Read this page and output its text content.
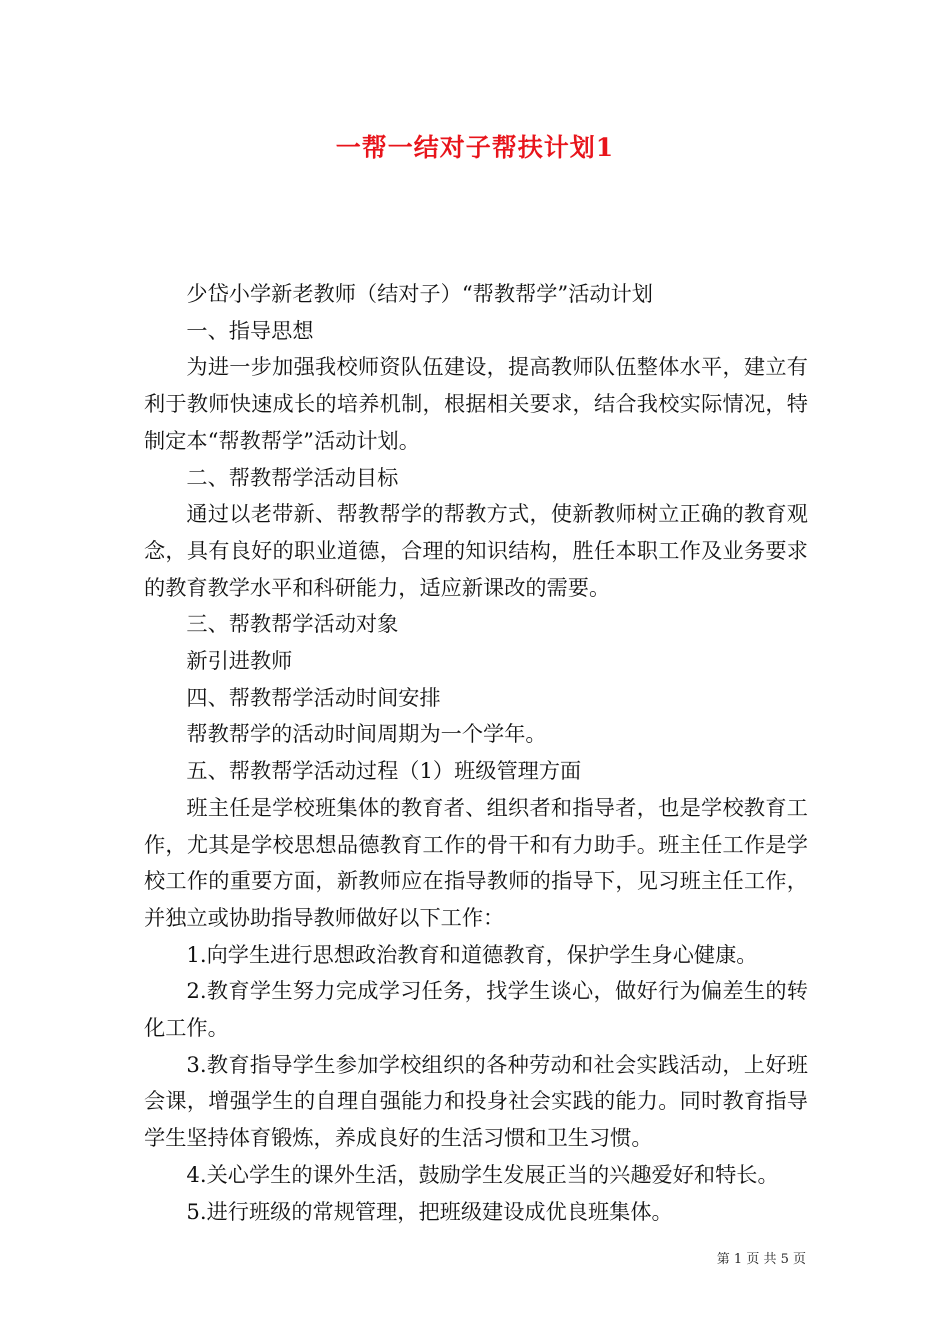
一帮一结对子帮扶计划1

少岱小学新老教师（结对子）“帮教帮学”活动计划

一、指导思想

为进一步加强我校师资队伍建设，提高教师队伍整体水平，建立有利于教师快速成长的培养机制，根据相关要求，结合我校实际情况，特制定本“帮教帮学”活动计划。

二、帮教帮学活动目标

通过以老带新、帮教帮学的帮教方式，使新教师树立正确的教育观念，具有良好的职业道德，合理的知识结构，胜任本职工作及业务要求的教育教学水平和科研能力，适应新课改的需要。

三、帮教帮学活动对象

新引进教师

四、帮教帮学活动时间安排

帮教帮学的活动时间周期为一个学年。

五、帮教帮学活动过程（1）班级管理方面

班主任是学校班集体的教育者、组织者和指导者，也是学校教育工作，尤其是学校思想品德教育工作的骨干和有力助手。班主任工作是学校工作的重要方面，新教师应在指导教师的指导下，见习班主任工作，并独立或协助指导教师做好以下工作：

1.向学生进行思想政治教育和道德教育，保护学生身心健康。

2.教育学生努力完成学习任务，找学生谈心，做好行为偏差生的转化工作。

3.教育指导学生参加学校组织的各种劳动和社会实践活动，上好班会课，增强学生的自理自强能力和投身社会实践的能力。同时教育指导学生坚持体育锻炼，养成良好的生活习惯和卫生习惯。

4.关心学生的课外生活，鼓励学生发展正当的兴趣爱好和特长。

5.进行班级的常规管理，把班级建设成优良班集体。

第 1 页 共 5 页
